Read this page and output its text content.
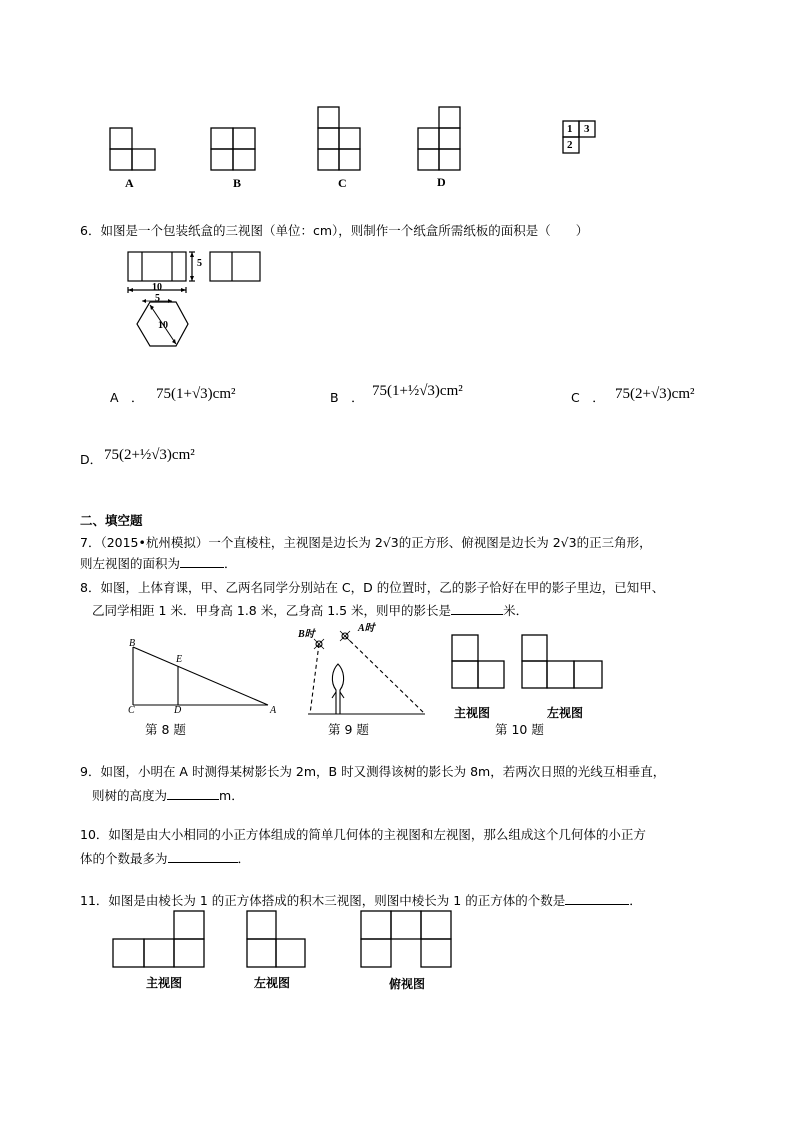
A	B	C	D
1 3
2
6．如图是一个包装纸盒的三视图（单位：cm），则制作一个纸盒所需纸板的面积是（　　）
5
10
5
10
A　． 75(1+√3)cm²	B　． 75(1+½√3)cm²	C　． 75(2+√3)cm²
D． 75(2+½√3)cm²
二、填空题
7．（2015•杭州模拟）一个直棱柱，主视图是边长为 2√3的正方形、俯视图是边长为 2√3的正三角形，
则左视图的面积为	．
8．如图，上体育课，甲、乙两名同学分别站在 C，D 的位置时，乙的影子恰好在甲的影子里边，已知甲、
乙同学相距 1 米．甲身高 1.8 米，乙身高 1.5 米，则甲的影长是	米．
B
E
C	D	A
B时
A时
主视图	左视图
第 8 题	第 9 题	第 10 题
9．如图，小明在 A 时测得某树影长为 2m，B 时又测得该树的影长为 8m，若两次日照的光线互相垂直，
则树的高度为	m．
10．如图是由大小相同的小正方体组成的简单几何体的主视图和左视图，那么组成这个几何体的小正方
体的个数最多为	．
11．如图是由棱长为 1 的正方体搭成的积木三视图，则图中棱长为 1 的正方体的个数是	．
主视图	左视图	俯视图
